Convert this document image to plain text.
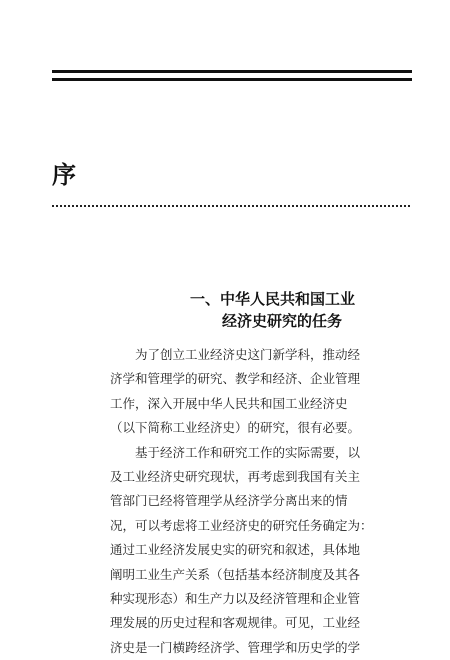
序
一、中华人民共和国工业
经济史研究的任务

为了创立工业经济史这门新学科，推动经

济学和管理学的研究、教学和经济、企业管理

工作，深入开展中华人民共和国工业经济史

（以下简称工业经济史）的研究，很有必要。

基于经济工作和研究工作的实际需要，以

及工业经济史研究现状，再考虑到我国有关主

管部门已经将管理学从经济学分离出来的情

况，可以考虑将工业经济史的研究任务确定为：

通过工业经济发展史实的研究和叙述，具体地

阐明工业生产关系（包括基本经济制度及其各

种实现形态）和生产力以及经济管理和企业管

理发展的历史过程和客观规律。可见，工业经

济史是一门横跨经济学、管理学和历史学的学
